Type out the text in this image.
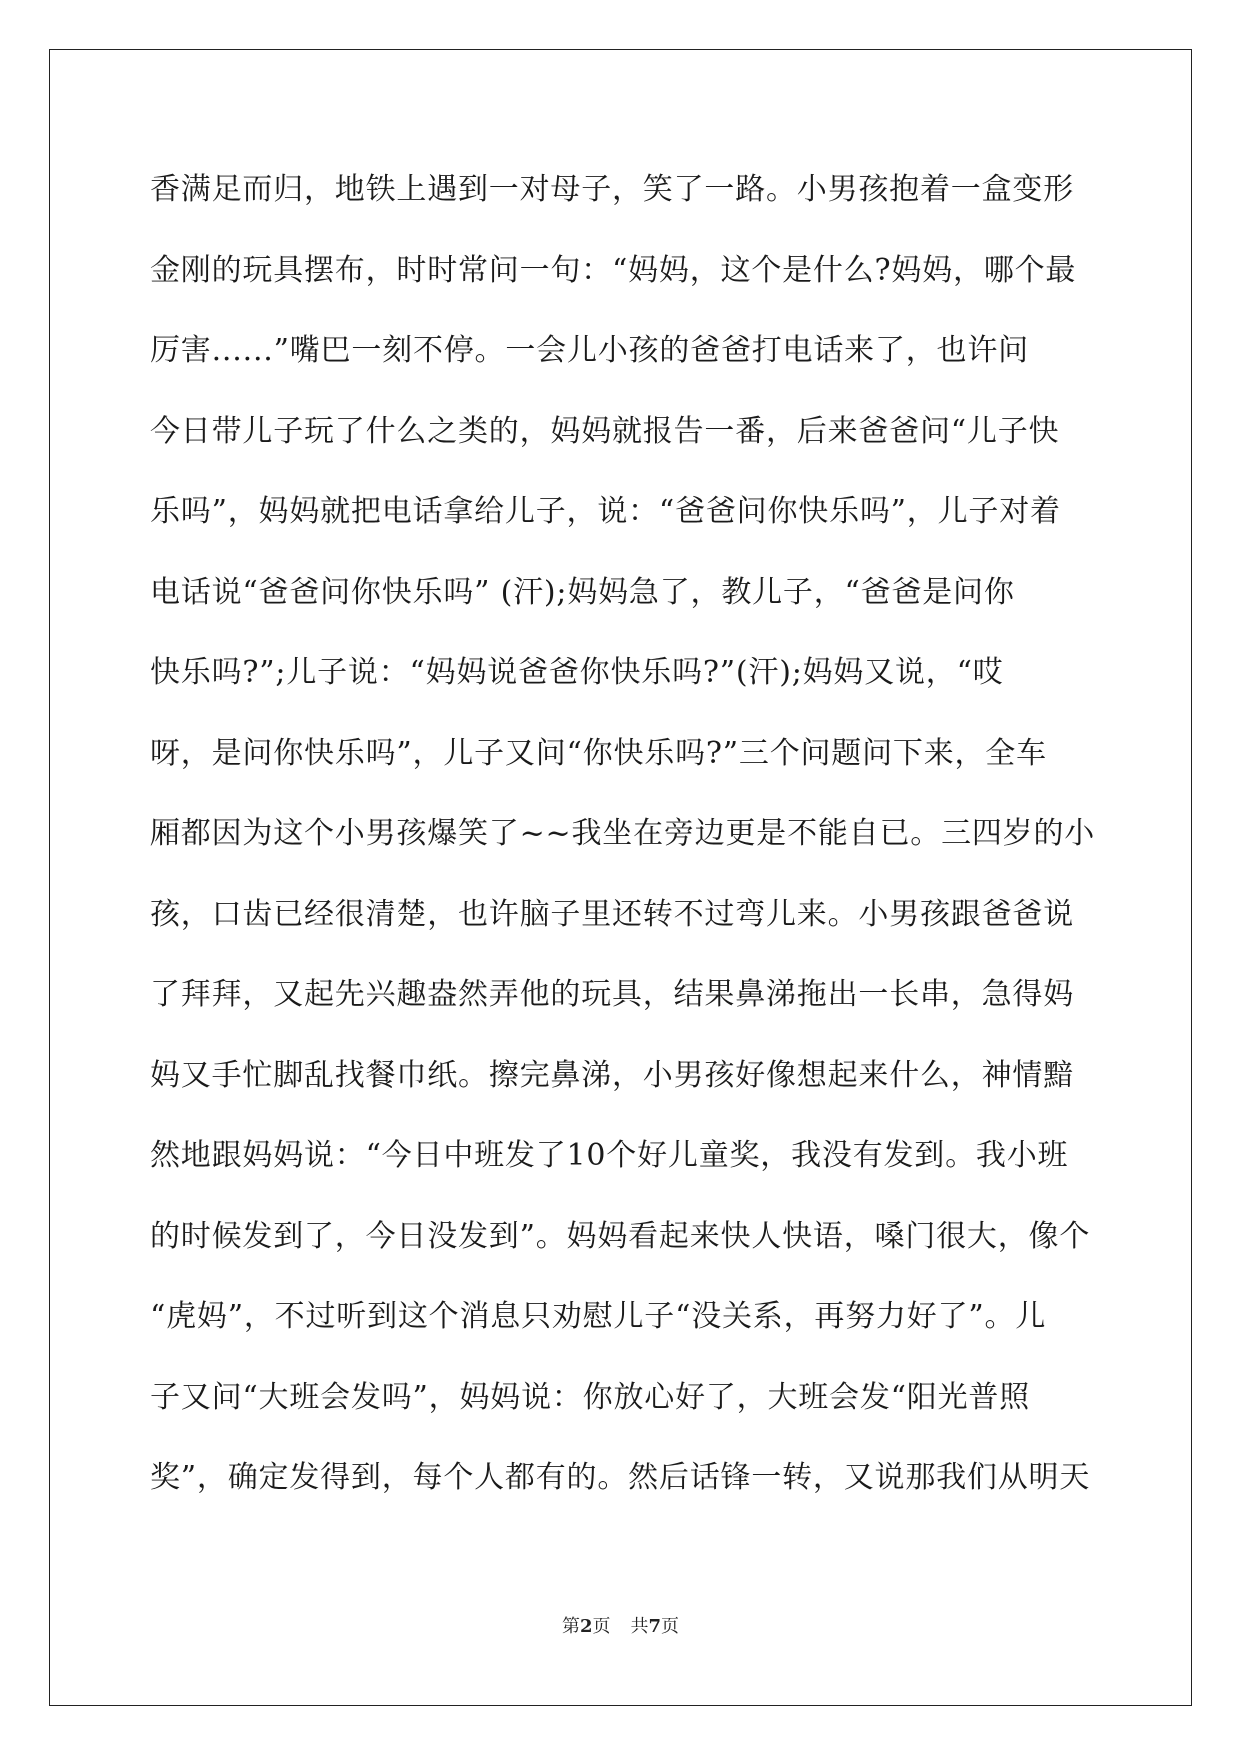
香满足而归，地铁上遇到一对母子，笑了一路。小男孩抱着一盒变形
金刚的玩具摆布，时时常问一句：“妈妈，这个是什么?妈妈，哪个最
厉害......”嘴巴一刻不停。一会儿小孩的爸爸打电话来了，也许问
今日带儿子玩了什么之类的，妈妈就报告一番，后来爸爸问“儿子快
乐吗”，妈妈就把电话拿给儿子，说：“爸爸问你快乐吗”，儿子对着
电话说“爸爸问你快乐吗” (汗);妈妈急了，教儿子，“爸爸是问你
快乐吗?”;儿子说：“妈妈说爸爸你快乐吗?”(汗);妈妈又说，“哎
呀，是问你快乐吗”，儿子又问“你快乐吗?”三个问题问下来，全车
厢都因为这个小男孩爆笑了~~我坐在旁边更是不能自已。三四岁的小
孩，口齿已经很清楚，也许脑子里还转不过弯儿来。小男孩跟爸爸说
了拜拜，又起先兴趣盎然弄他的玩具，结果鼻涕拖出一长串，急得妈
妈又手忙脚乱找餐巾纸。擦完鼻涕，小男孩好像想起来什么，神情黯
然地跟妈妈说：“今日中班发了10个好儿童奖，我没有发到。我小班
的时候发到了，今日没发到”。妈妈看起来快人快语，嗓门很大，像个
“虎妈”，不过听到这个消息只劝慰儿子“没关系，再努力好了”。儿
子又问“大班会发吗”，妈妈说：你放心好了，大班会发“阳光普照
奖”，确定发得到，每个人都有的。然后话锋一转，又说那我们从明天
第2页 共7页
